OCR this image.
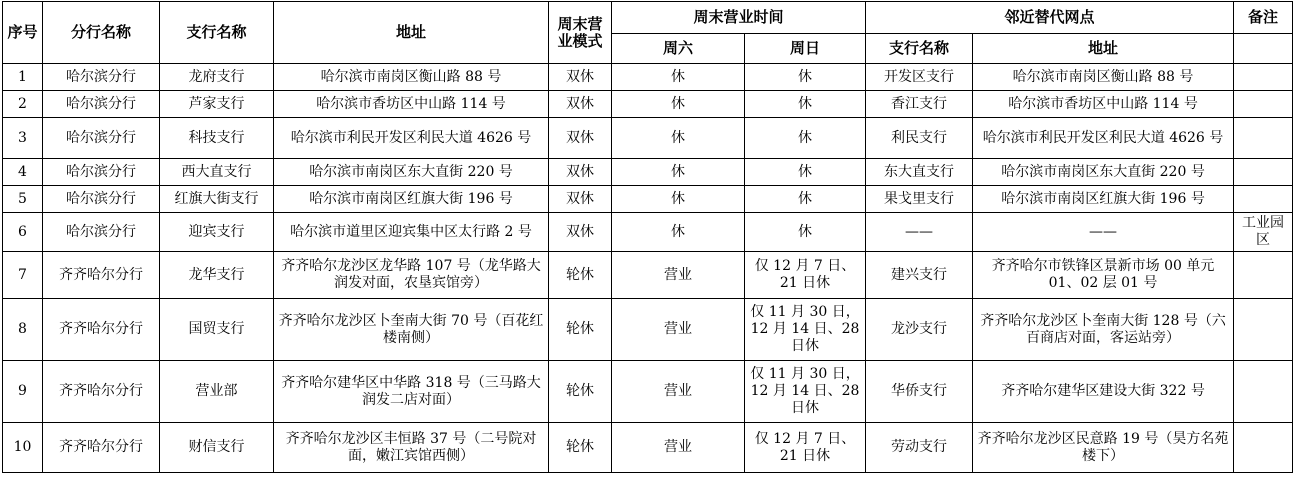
序号	分行名称	支行名称	地址	周末营业模式	周末营业时间		邻近替代网点		备注
					周六	周日	支行名称	地址	
1	哈尔滨分行	龙府支行	哈尔滨市南岗区衡山路 88 号	双休	休	休	开发区支行	哈尔滨市南岗区衡山路 88 号	
2	哈尔滨分行	芦家支行	哈尔滨市香坊区中山路 114 号	双休	休	休	香江支行	哈尔滨市香坊区中山路 114 号	
3	哈尔滨分行	科技支行	哈尔滨市利民开发区利民大道 4626 号	双休	休	休	利民支行	哈尔滨市利民开发区利民大道 4626 号	
4	哈尔滨分行	西大直支行	哈尔滨市南岗区东大直街 220 号	双休	休	休	东大直支行	哈尔滨市南岗区东大直街 220 号	
5	哈尔滨分行	红旗大街支行	哈尔滨市南岗区红旗大街 196 号	双休	休	休	果戈里支行	哈尔滨市南岗区红旗大街 196 号	
6	哈尔滨分行	迎宾支行	哈尔滨市道里区迎宾集中区太行路 2 号	双休	休	休	——	——	工业园区
7	齐齐哈尔分行	龙华支行	齐齐哈尔龙沙区龙华路 107 号（龙华路大润发对面，农垦宾馆旁）	轮休	营业	仅 12 月 7 日、21 日休	建兴支行	齐齐哈尔市铁锋区景新市场 00 单元 01、02 层 01 号	
8	齐齐哈尔分行	国贸支行	齐齐哈尔龙沙区卜奎南大街 70 号（百花红楼南侧）	轮休	营业	仅 11 月 30 日，12 月 14 日、28 日休	龙沙支行	齐齐哈尔龙沙区卜奎南大街 128 号（六百商店对面，客运站旁）	
9	齐齐哈尔分行	营业部	齐齐哈尔建华区中华路 318 号（三马路大润发二店对面）	轮休	营业	仅 11 月 30 日，12 月 14 日、28 日休	华侨支行	齐齐哈尔建华区建设大街 322 号	
10	齐齐哈尔分行	财信支行	齐齐哈尔龙沙区丰恒路 37 号（二号院对面，嫩江宾馆西侧）	轮休	营业	仅 12 月 7 日、21 日休	劳动支行	齐齐哈尔龙沙区民意路 19 号（昊方名苑楼下）	
